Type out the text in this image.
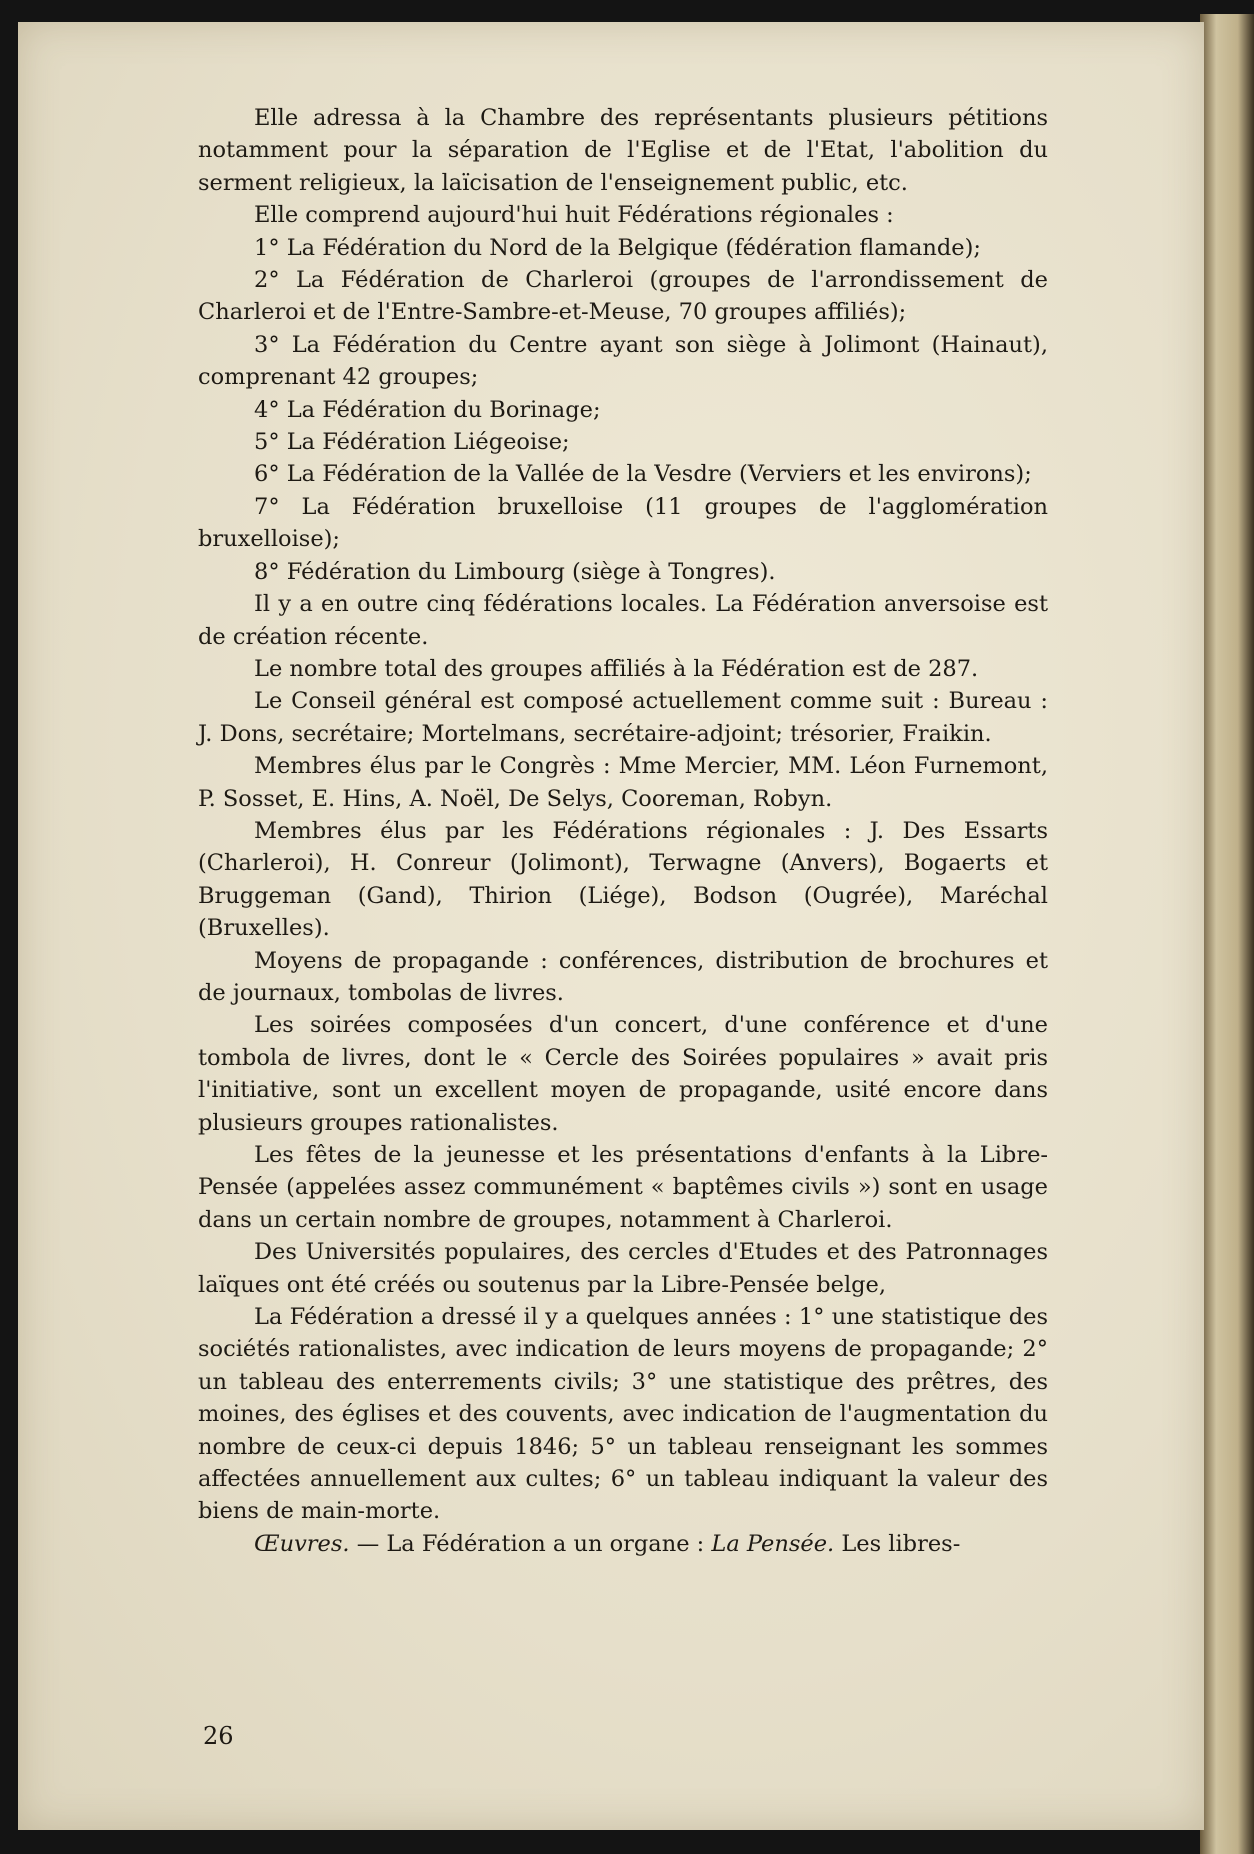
Elle adressa à la Chambre des représentants plusieurs pétitions notamment pour la séparation de l'Eglise et de l'Etat, l'abolition du serment religieux, la laïcisation de l'enseignement public, etc.

Elle comprend aujourd'hui huit Fédérations régionales :

1° La Fédération du Nord de la Belgique (fédération flamande);

2° La Fédération de Charleroi (groupes de l'arrondissement de Charleroi et de l'Entre-Sambre-et-Meuse, 70 groupes affiliés);

3° La Fédération du Centre ayant son siège à Jolimont (Hainaut), comprenant 42 groupes;

4° La Fédération du Borinage;

5° La Fédération Liégeoise;

6° La Fédération de la Vallée de la Vesdre (Verviers et les environs);

7° La Fédération bruxelloise (11 groupes de l'agglomération bruxelloise);

8° Fédération du Limbourg (siège à Tongres).

Il y a en outre cinq fédérations locales. La Fédération anversoise est de création récente.

Le nombre total des groupes affiliés à la Fédération est de 287.

Le Conseil général est composé actuellement comme suit : Bureau : J. Dons, secrétaire; Mortelmans, secrétaire-adjoint; trésorier, Fraikin.

Membres élus par le Congrès : Mme Mercier, MM. Léon Furnemont, P. Sosset, E. Hins, A. Noël, De Selys, Cooreman, Robyn.

Membres élus par les Fédérations régionales : J. Des Essarts (Charleroi), H. Conreur (Jolimont), Terwagne (Anvers), Bogaerts et Bruggeman (Gand), Thirion (Liége), Bodson (Ougrée), Maréchal (Bruxelles).

Moyens de propagande : conférences, distribution de brochures et de journaux, tombolas de livres.

Les soirées composées d'un concert, d'une conférence et d'une tombola de livres, dont le « Cercle des Soirées populaires » avait pris l'initiative, sont un excellent moyen de propagande, usité encore dans plusieurs groupes rationalistes.

Les fêtes de la jeunesse et les présentations d'enfants à la Libre-Pensée (appelées assez communément « baptêmes civils ») sont en usage dans un certain nombre de groupes, notamment à Charleroi.

Des Universités populaires, des cercles d'Etudes et des Patronnages laïques ont été créés ou soutenus par la Libre-Pensée belge,

La Fédération a dressé il y a quelques années : 1° une statistique des sociétés rationalistes, avec indication de leurs moyens de propagande; 2° un tableau des enterrements civils; 3° une statistique des prêtres, des moines, des églises et des couvents, avec indication de l'augmentation du nombre de ceux-ci depuis 1846; 5° un tableau renseignant les sommes affectées annuellement aux cultes; 6° un tableau indiquant la valeur des biens de main-morte.

Œuvres. — La Fédération a un organe : La Pensée. Les libres-

26
